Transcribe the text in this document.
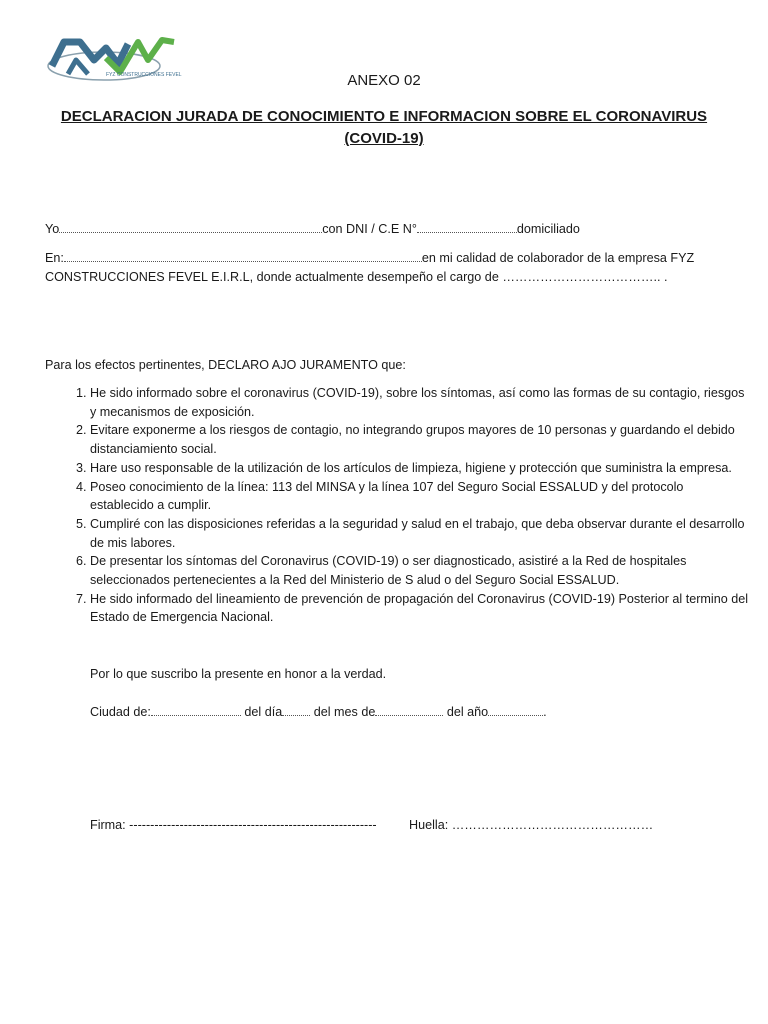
FYZ CONSTRUCCIONES FEVEL	ANEXO 02
DECLARACION JURADA DE CONOCIMIENTO E INFORMACION SOBRE EL CORONAVIRUS
(COVID-19)
Yo	con DNI / C.E N°	domiciliado
En:	en mi calidad de colaborador de la empresa FYZ
CONSTRUCCIONES FEVEL E.I.R.L, donde actualmente desempeño el cargo de ……………………………….. .
Para los efectos pertinentes, DECLARO AJO JURAMENTO que:
1. He sido informado sobre el coronavirus (COVID-19), sobre los síntomas, así como las formas de su contagio, riesgos y mecanismos de exposición.
2. Evitare exponerme a los riesgos de contagio, no integrando grupos mayores de 10 personas y guardando el debido distanciamiento social.
3. Hare uso responsable de la utilización de los artículos de limpieza, higiene y protección que suministra la empresa.
4. Poseo conocimiento de la línea: 113 del MINSA y la línea 107 del Seguro Social ESSALUD y del protocolo establecido a cumplir.
5. Cumpliré con las disposiciones referidas a la seguridad y salud en el trabajo, que deba observar durante el desarrollo de mis labores.
6. De presentar los síntomas del Coronavirus (COVID-19) o ser diagnosticado, asistiré a la Red de hospitales seleccionados pertenecientes a la Red del Ministerio de S alud o del Seguro Social ESSALUD.
7. He sido informado del lineamiento de prevención de propagación del Coronavirus (COVID-19) Posterior al termino del Estado de Emergencia Nacional.
Por lo que suscribo la presente en honor a la verdad.
Ciudad de:	del día	del mes de	del año	.
Firma: -----------------------------------------------------------	Huella: …………………………………………
